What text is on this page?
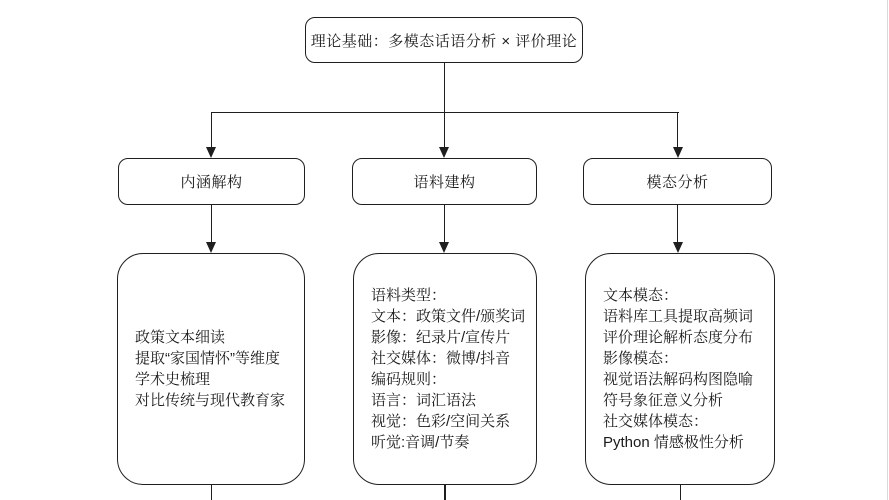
理论基础：多模态话语分析 × 评价理论
内涵解构	语料建构	模态分析
政策文本细读
提取“家国情怀”等维度
学术史梳理
对比传统与现代教育家
语料类型：
文本：政策文件/颁奖词
影像：纪录片/宣传片
社交媒体：微博/抖音
编码规则：
语言：词汇语法
视觉：色彩/空间关系
听觉:音调/节奏
文本模态：
语料库工具提取高频词
评价理论解析态度分布
影像模态：
视觉语法解码构图隐喻
符号象征意义分析
社交媒体模态：
Python 情感极性分析
